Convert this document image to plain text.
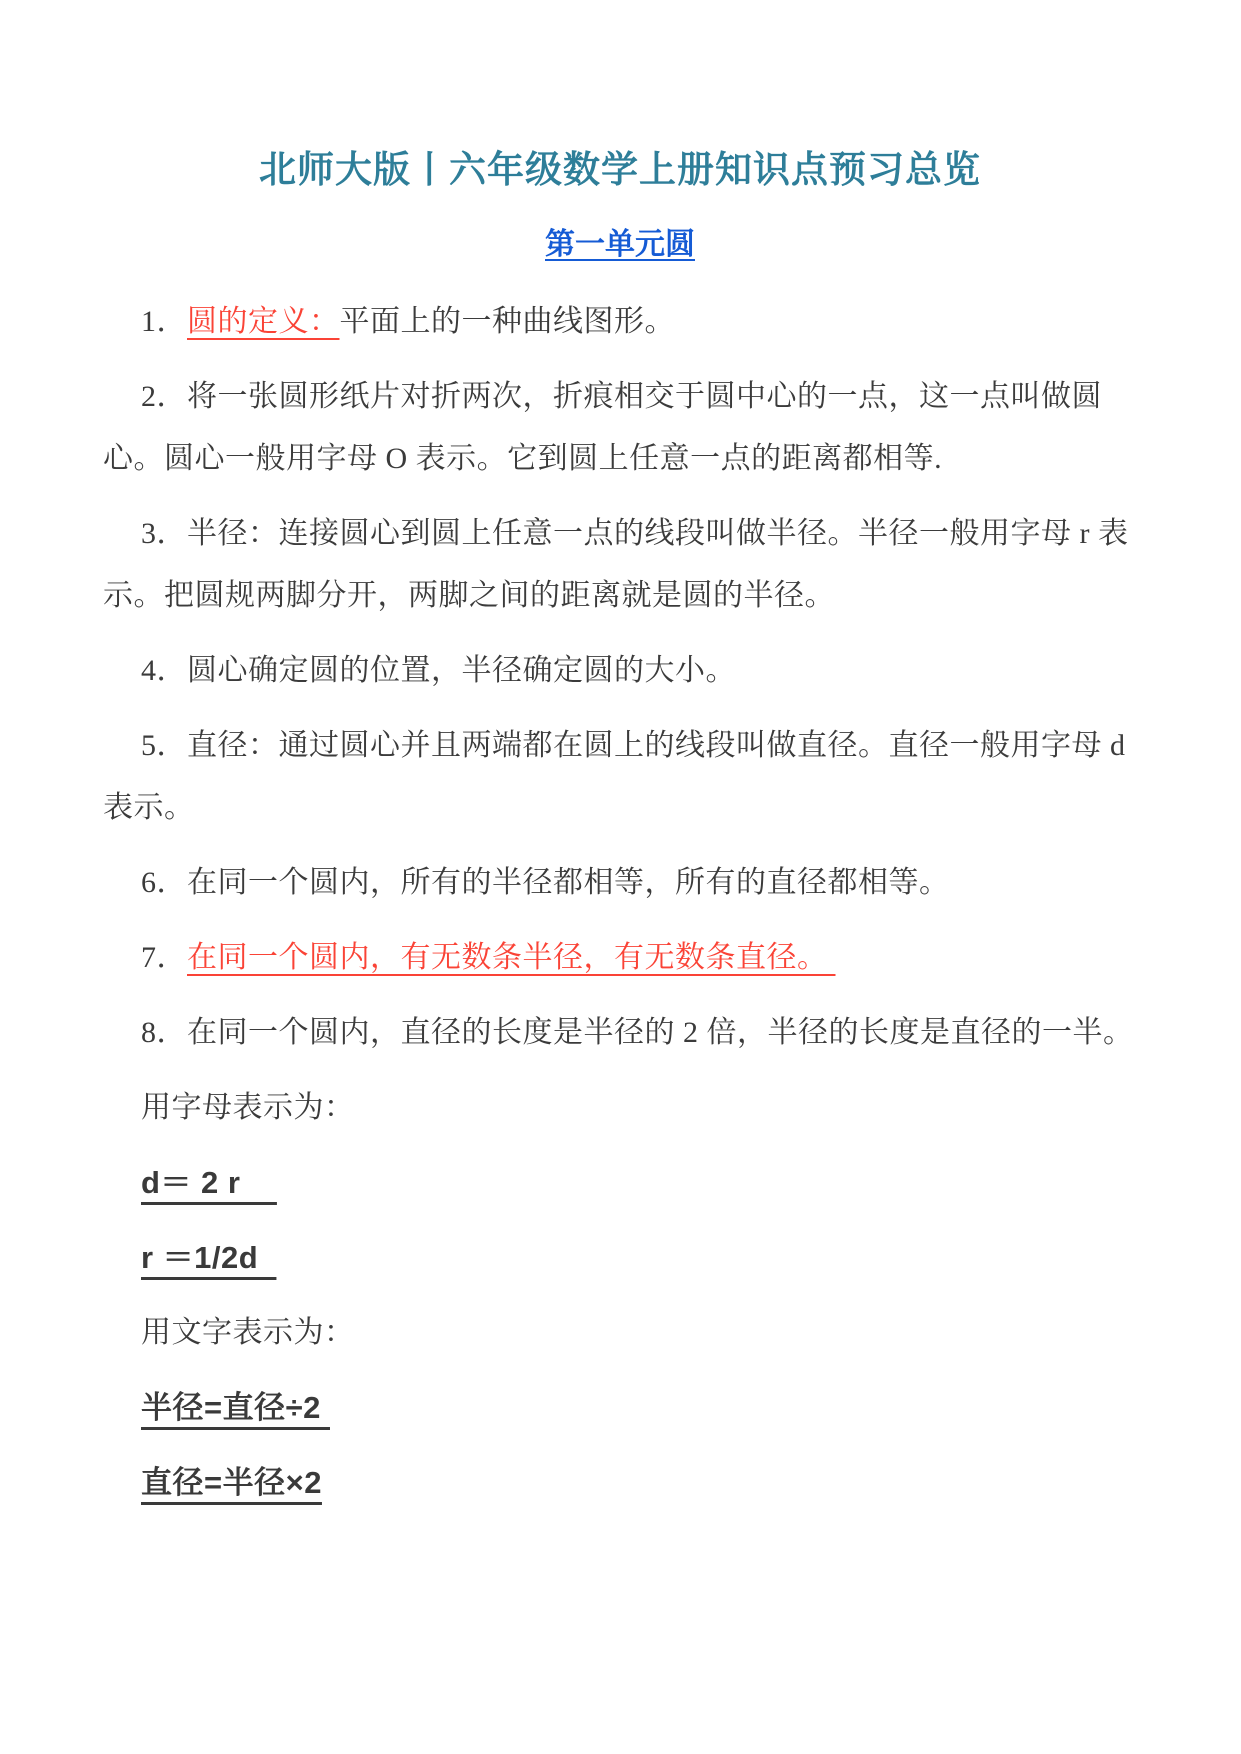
北师大版丨六年级数学上册知识点预习总览
第一单元圆

1．圆的定义：平面上的一种曲线图形。

2．将一张圆形纸片对折两次，折痕相交于圆中心的一点，这一点叫做圆心。圆心一般用字母 O 表示。它到圆上任意一点的距离都相等.

3．半径：连接圆心到圆上任意一点的线段叫做半径。半径一般用字母 r 表示。把圆规两脚分开，两脚之间的距离就是圆的半径。

4．圆心确定圆的位置，半径确定圆的大小。

5．直径：通过圆心并且两端都在圆上的线段叫做直径。直径一般用字母 d 表示。

6．在同一个圆内，所有的半径都相等，所有的直径都相等。

7．在同一个圆内，有无数条半径，有无数条直径。

8．在同一个圆内，直径的长度是半径的 2 倍，半径的长度是直径的一半。

用字母表示为：

d＝ 2 r

r ＝1/2d

用文字表示为：

半径=直径÷2

直径=半径×2
